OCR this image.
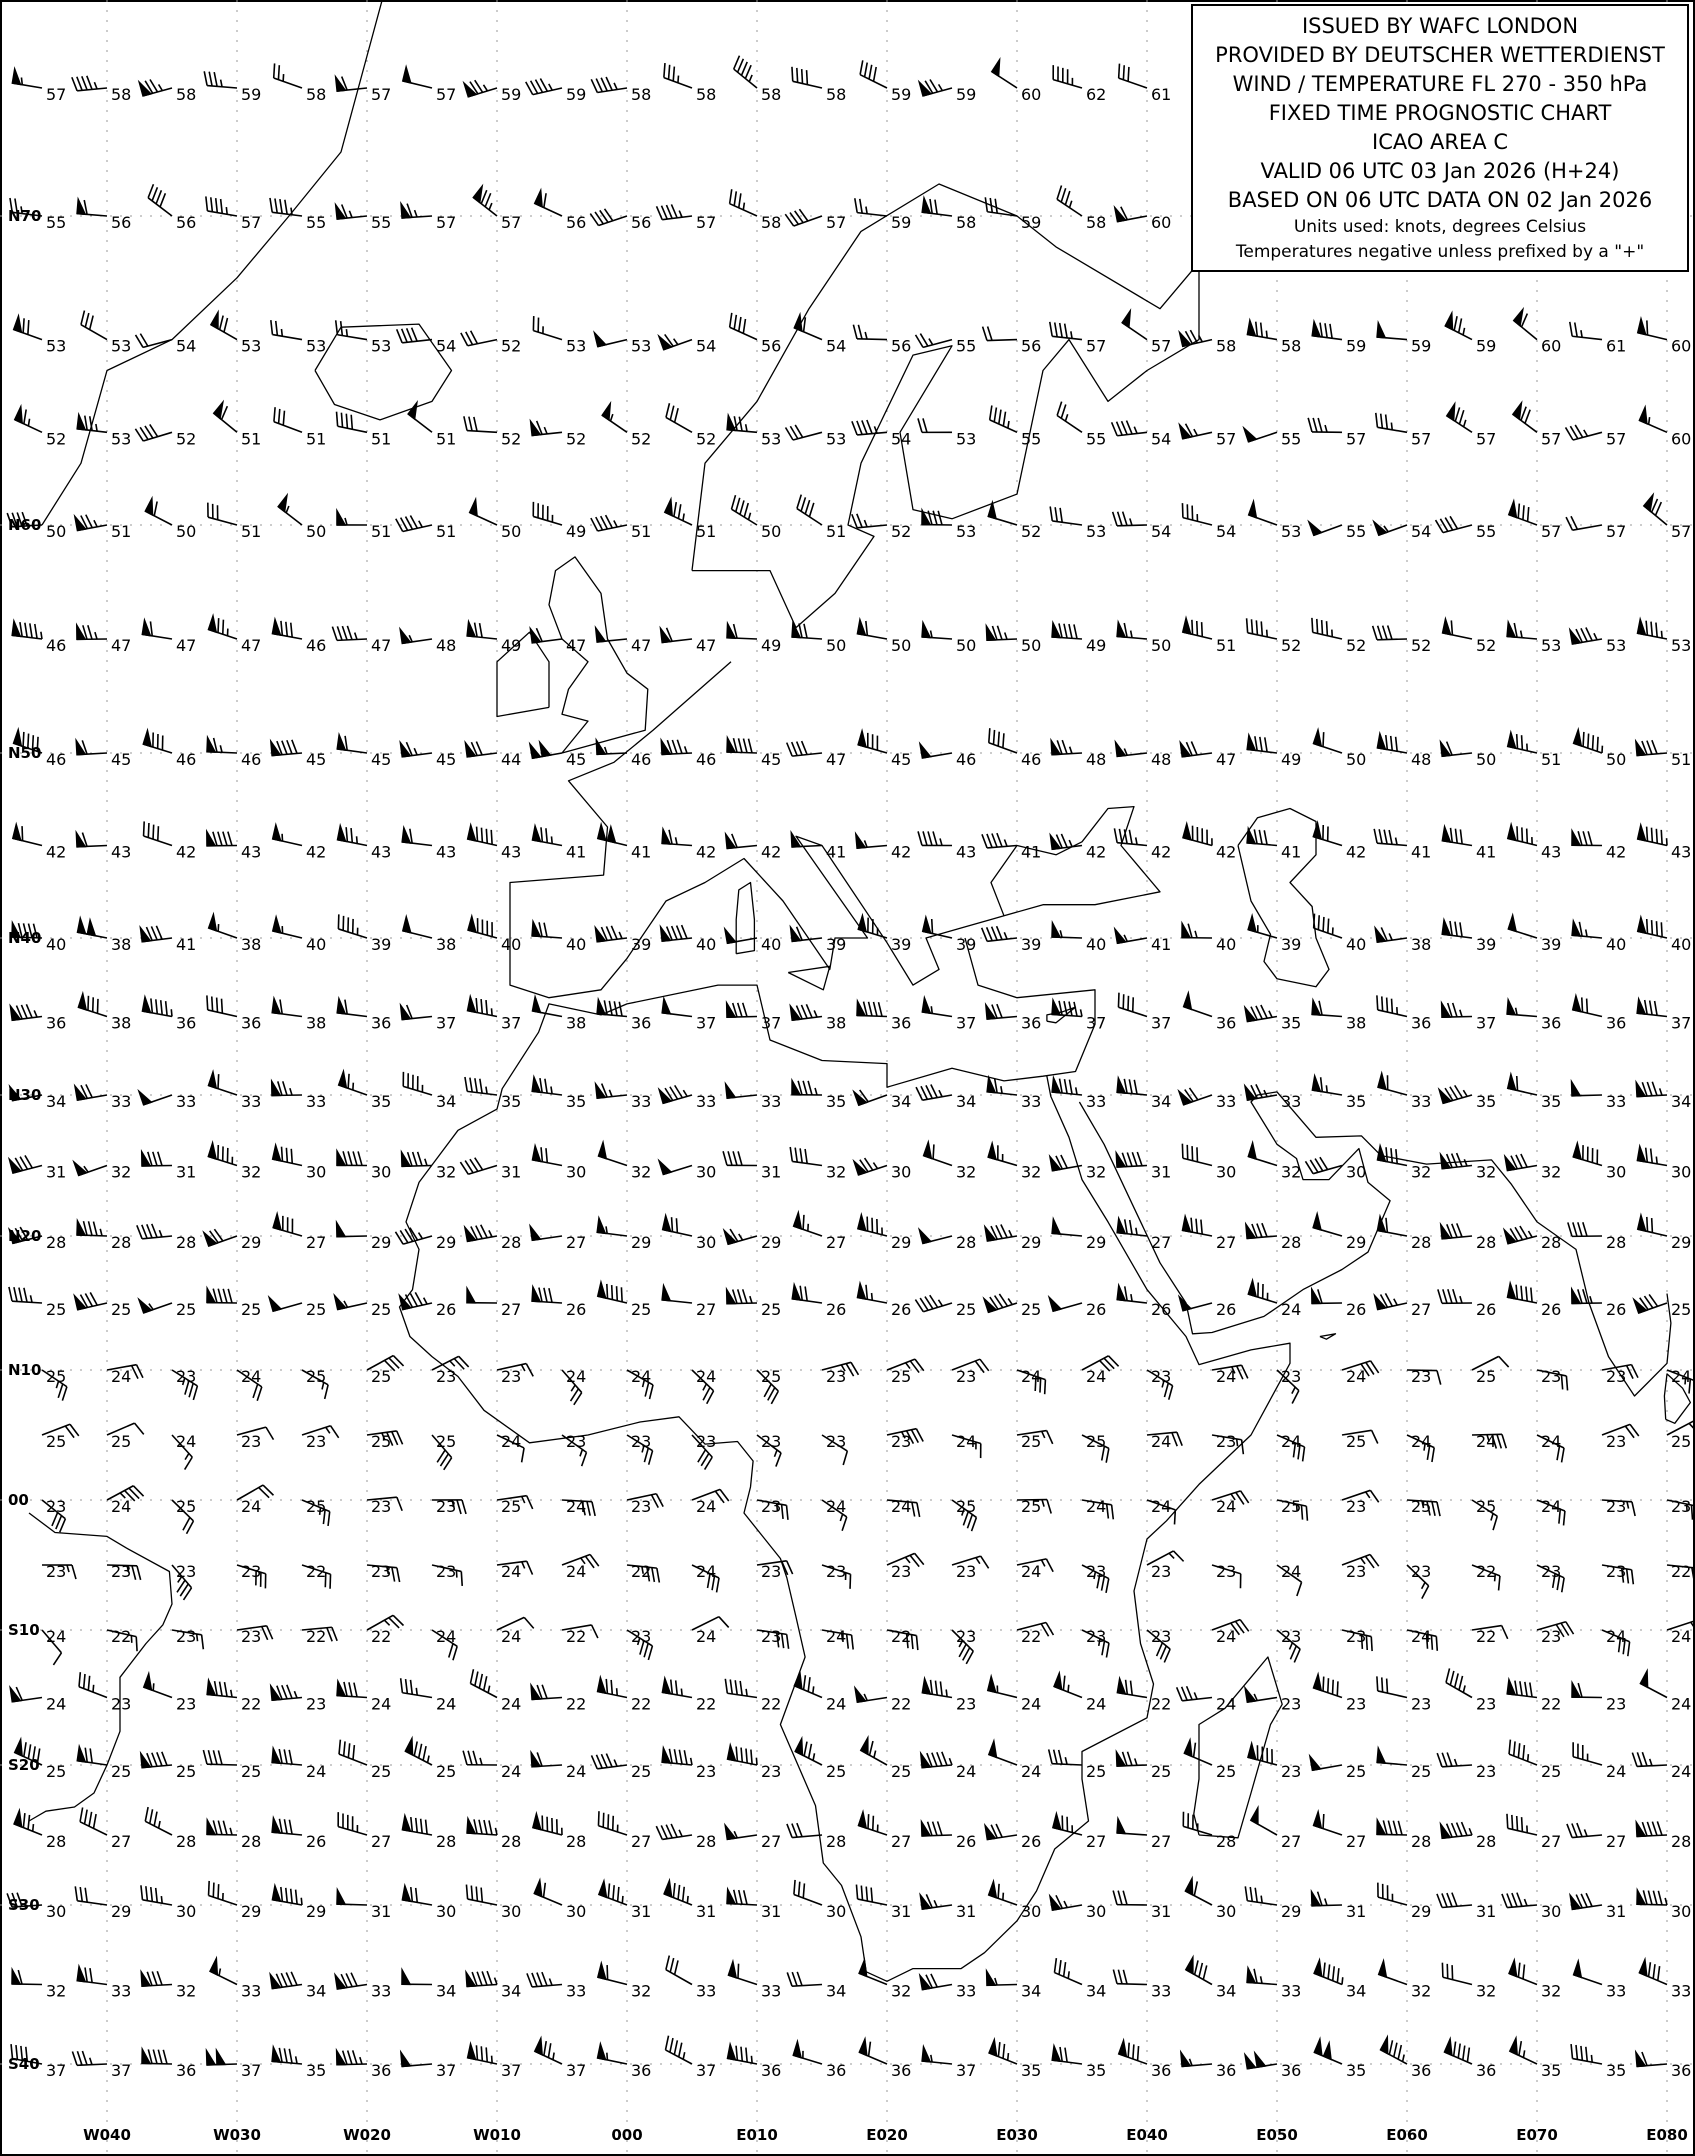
57	58	58	59	58	57	57	59	59	58	58	58	58	59	59	60	62	61
55	56	56	57	55	55	57	57	56	56	57	58	57	59	58	59	58	60
53	53	54	53	53	53	54	52	53	53	54	56	54	56	55	56	57	57	58	58	59	59	59	60	61	60
52	53	52	51	51	51	51	52	52	52	52	53	53	54	53	55	55	54	57	55	57	57	57	57	57	60
50	51	50	51	50	51	51	50	49	51	51	50	51	52	53	52	53	54	54	53	55	54	55	57	57	57
46	47	47	47	46	47	48	49	47	47	47	49	50	50	50	50	49	50	51	52	52	52	52	53	53	53
46	45	46	46	45	45	45	44	45	46	46	45	47	45	46	46	48	48	47	49	50	48	50	51	50	51
42	43	42	43	42	43	43	43	41	41	42	42	41	42	43	41	42	42	42	41	42	41	41	43	42	43
40	38	41	38	40	39	38	40	40	39	40	40	39	39	39	39	40	41	40	39	40	38	39	39	40	40
36	38	36	36	38	36	37	37	38	36	37	37	38	36	37	36	37	37	36	35	38	36	37	36	36	37
34	33	33	33	33	35	34	35	35	33	33	33	35	34	34	33	33	34	33	33	35	33	35	35	33	34
31	32	31	32	30	30	32	31	30	32	30	31	32	30	32	32	32	31	30	32	30	32	32	32	30	30
28	28	28	29	27	29	29	28	27	29	30	29	27	29	28	29	29	27	27	28	29	28	28	28	28	29
25	25	25	25	25	25	26	27	26	25	27	25	26	26	25	25	26	26	26	24	26	27	26	26	26	25
25	24	23	24	25	25	23	23	24	24	24	25	23	25	23	24	24	23	24	23	24	23	25	23	23	24
25	25	24	23	23	25	25	24	23	23	23	23	23	23	24	25	25	24	23	24	25	24	24	24	23	25
23	24	25	24	25	23	23	25	24	23	24	23	24	24	25	25	24	24	24	25	23	25	25	24	23	23
23	23	23	23	22	23	23	24	24	22	24	23	23	23	23	24	23	23	23	24	23	23	22	23	23	22
24	22	23	23	22	22	24	24	22	23	24	23	24	22	23	22	23	23	24	23	23	24	22	23	24	24
24	23	23	22	23	24	24	24	22	22	22	22	24	22	23	24	24	22	24	23	23	23	23	22	23	24
25	25	25	25	24	25	25	24	24	25	23	23	25	25	24	24	25	25	25	23	25	25	23	25	24	24
28	27	28	28	26	27	28	28	28	27	28	27	28	27	26	26	27	27	28	27	27	28	28	27	27	28
30	29	30	29	29	31	30	30	30	31	31	31	30	31	31	30	30	31	30	29	31	29	31	30	31	30
32	33	32	33	34	33	34	34	33	32	33	33	34	32	33	34	34	33	34	33	34	32	32	32	33	33
37	37	36	37	35	36	37	37	37	36	37	36	36	36	37	35	35	36	36	36	35	36	36	35	35	36
N70
N60
N50
N40
N30
N20
N10
00
S10
S20
S30
S40
W040	W030	W020	W010	000	E010	E020	E030	E040	E050	E060	E070	E080
ISSUED BY WAFC LONDON
PROVIDED BY DEUTSCHER WETTERDIENST
WIND / TEMPERATURE FL 270 - 350 hPa
FIXED TIME PROGNOSTIC CHART
ICAO AREA C
VALID 06 UTC 03 Jan 2026 (H+24)
BASED ON 06 UTC DATA ON 02 Jan 2026
Units used: knots, degrees Celsius
Temperatures negative unless prefixed by a "+"
